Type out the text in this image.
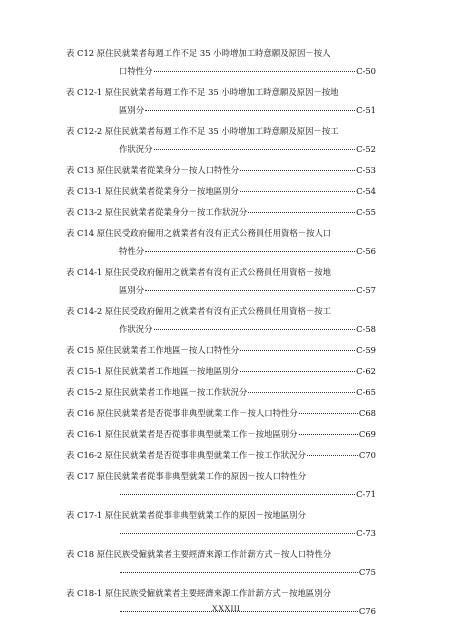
表 C12 原住民就業者每週工作不足 35 小時增加工時意願及原因－按人
口特性分	C-50
表 C12-1 原住民就業者每週工作不足 35 小時增加工時意願及原因－按地
區別分	C-51
表 C12-2 原住民就業者每週工作不足 35 小時增加工時意願及原因－按工
作狀況分	C-52
表 C13 原住民就業者從業身分－按人口特性分	C-53
表 C13-1 原住民就業者從業身分－按地區別分	C-54
表 C13-2 原住民就業者從業身分－按工作狀況分	C-55
表 C14 原住民受政府僱用之就業者有沒有正式公務員任用資格－按人口
特性分	C-56
表 C14-1 原住民受政府僱用之就業者有沒有正式公務員任用資格－按地
區別分	C-57
表 C14-2 原住民受政府僱用之就業者有沒有正式公務員任用資格－按工
作狀況分	C-58
表 C15 原住民就業者工作地區－按人口特性分	C-59
表 C15-1 原住民就業者工作地區－按地區別分	C-62
表 C15-2 原住民就業者工作地區－按工作狀況分	C-65
表 C16 原住民就業者是否從事非典型就業工作－按人口特性分	C68
表 C16-1 原住民就業者是否從事非典型就業工作－按地區別分	C69
表 C16-2 原住民就業者是否從事非典型就業工作－按工作狀況分	C70
表 C17 原住民就業者從事非典型就業工作的原因－按人口特性分
C-71
表 C17-1 原住民就業者從事非典型就業工作的原因－按地區別分
C-73
表 C18 原住民族受僱就業者主要經濟來源工作計薪方式－按人口特性分
C75
表 C18-1 原住民族受僱就業者主要經濟來源工作計薪方式－按地區別分
C76
XXXIII
